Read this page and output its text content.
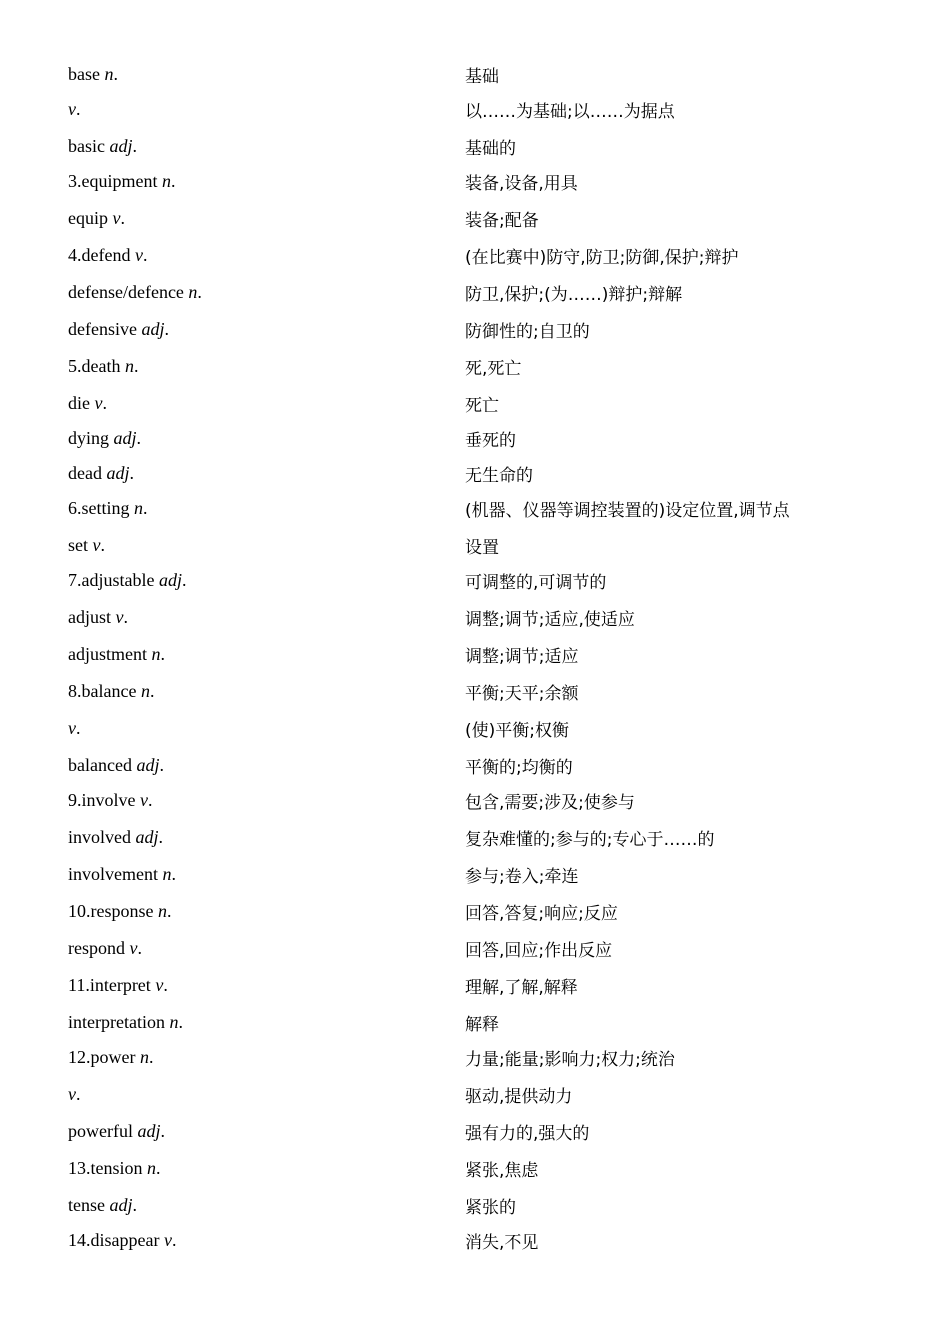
base n.	基础
v.	以……为基础;以……为据点
basic adj.	基础的
3.equipment n.	装备,设备,用具
equip v.	装备;配备
4.defend v.	(在比赛中)防守,防卫;防御,保护;辩护
defense/defence n.	防卫,保护;(为……)辩护;辩解
defensive adj.	防御性的;自卫的
5.death n.	死,死亡
die v.	死亡
dying adj.	垂死的
dead adj.	无生命的
6.setting n.	(机器、仪器等调控装置的)设定位置,调节点
set v.	设置
7.adjustable adj.	可调整的,可调节的
adjust v.	调整;调节;适应,使适应
adjustment n.	调整;调节;适应
8.balance n.	平衡;天平;余额
v.	(使)平衡;权衡
balanced adj.	平衡的;均衡的
9.involve v.	包含,需要;涉及;使参与
involved adj.	复杂难懂的;参与的;专心于……的
involvement n.	参与;卷入;牵连
10.response n.	回答,答复;响应;反应
respond v.	回答,回应;作出反应
11.interpret v.	理解,了解,解释
interpretation n.	解释
12.power n.	力量;能量;影响力;权力;统治
v.	驱动,提供动力
powerful adj.	强有力的,强大的
13.tension n.	紧张,焦虑
tense adj.	紧张的
14.disappear v.	消失,不见
